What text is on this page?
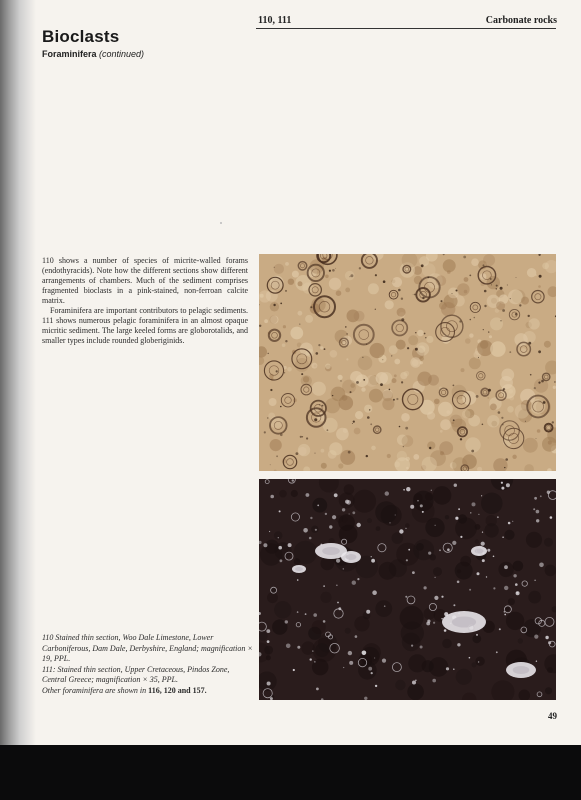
110, 111	Carbonate rocks
Bioclasts
Foraminifera (continued)

110 shows a number of species of micrite-walled forams (endothyracids). Note how the different sections show different arrangements of chambers. Much of the sediment comprises fragmented bioclasts in a pink-stained, non-ferroan calcite matrix.

Foraminifera are important contributors to pelagic sediments. 111 shows numerous pelagic foraminifera in an almost opaque micritic sediment. The large keeled forms are globorotalids, and smaller types include rounded globeriginids.

110 Stained thin section, Woo Dale Limestone, Lower Carboniferous, Dam Dale, Derbyshire, England; magnification × 19, PPL.
111: Stained thin section, Upper Cretaceous, Pindos Zone, Central Greece; magnification × 35, PPL.
Other foraminifera are shown in 116, 120 and 157.
49
